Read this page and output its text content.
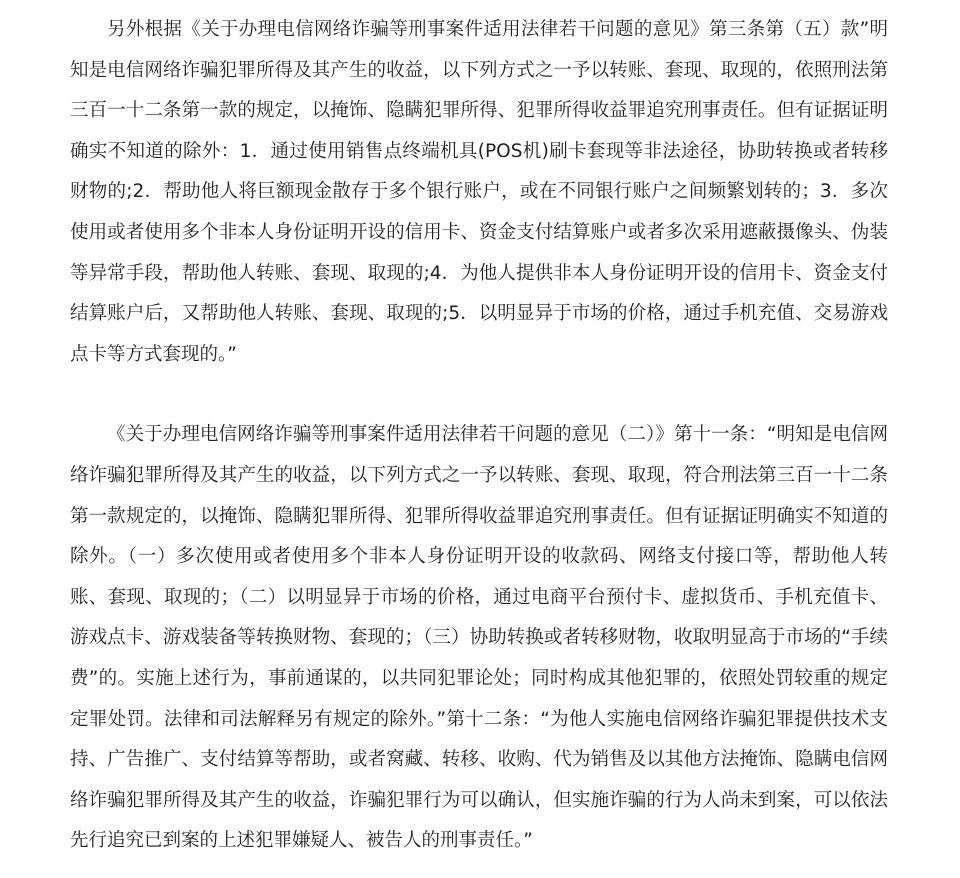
另外根据《关于办理电信网络诈骗等刑事案件适用法律若干问题的意见》第三条第（五）款”明知是电信网络诈骗犯罪所得及其产生的收益，以下列方式之一予以转账、套现、取现的，依照刑法第三百一十二条第一款的规定，以掩饰、隐瞒犯罪所得、犯罪所得收益罪追究刑事责任。但有证据证明确实不知道的除外：1．通过使用销售点终端机具(POS机)刷卡套现等非法途径，协助转换或者转移财物的;2．帮助他人将巨额现金散存于多个银行账户，或在不同银行账户之间频繁划转的；3．多次使用或者使用多个非本人身份证明开设的信用卡、资金支付结算账户或者多次采用遮蔽摄像头、伪装等异常手段，帮助他人转账、套现、取现的;4．为他人提供非本人身份证明开设的信用卡、资金支付结算账户后，又帮助他人转账、套现、取现的;5．以明显异于市场的价格，通过手机充值、交易游戏点卡等方式套现的。”

《关于办理电信网络诈骗等刑事案件适用法律若干问题的意见（二）》第十一条：“明知是电信网络诈骗犯罪所得及其产生的收益，以下列方式之一予以转账、套现、取现，符合刑法第三百一十二条第一款规定的，以掩饰、隐瞒犯罪所得、犯罪所得收益罪追究刑事责任。但有证据证明确实不知道的除外。（一）多次使用或者使用多个非本人身份证明开设的收款码、网络支付接口等，帮助他人转账、套现、取现的；（二）以明显异于市场的价格，通过电商平台预付卡、虚拟货币、手机充值卡、游戏点卡、游戏装备等转换财物、套现的；（三）协助转换或者转移财物，收取明显高于市场的“手续费”的。实施上述行为，事前通谋的，以共同犯罪论处；同时构成其他犯罪的，依照处罚较重的规定定罪处罚。法律和司法解释另有规定的除外。”第十二条：“为他人实施电信网络诈骗犯罪提供技术支持、广告推广、支付结算等帮助，或者窝藏、转移、收购、代为销售及以其他方法掩饰、隐瞒电信网络诈骗犯罪所得及其产生的收益，诈骗犯罪行为可以确认，但实施诈骗的行为人尚未到案，可以依法先行追究已到案的上述犯罪嫌疑人、被告人的刑事责任。”
